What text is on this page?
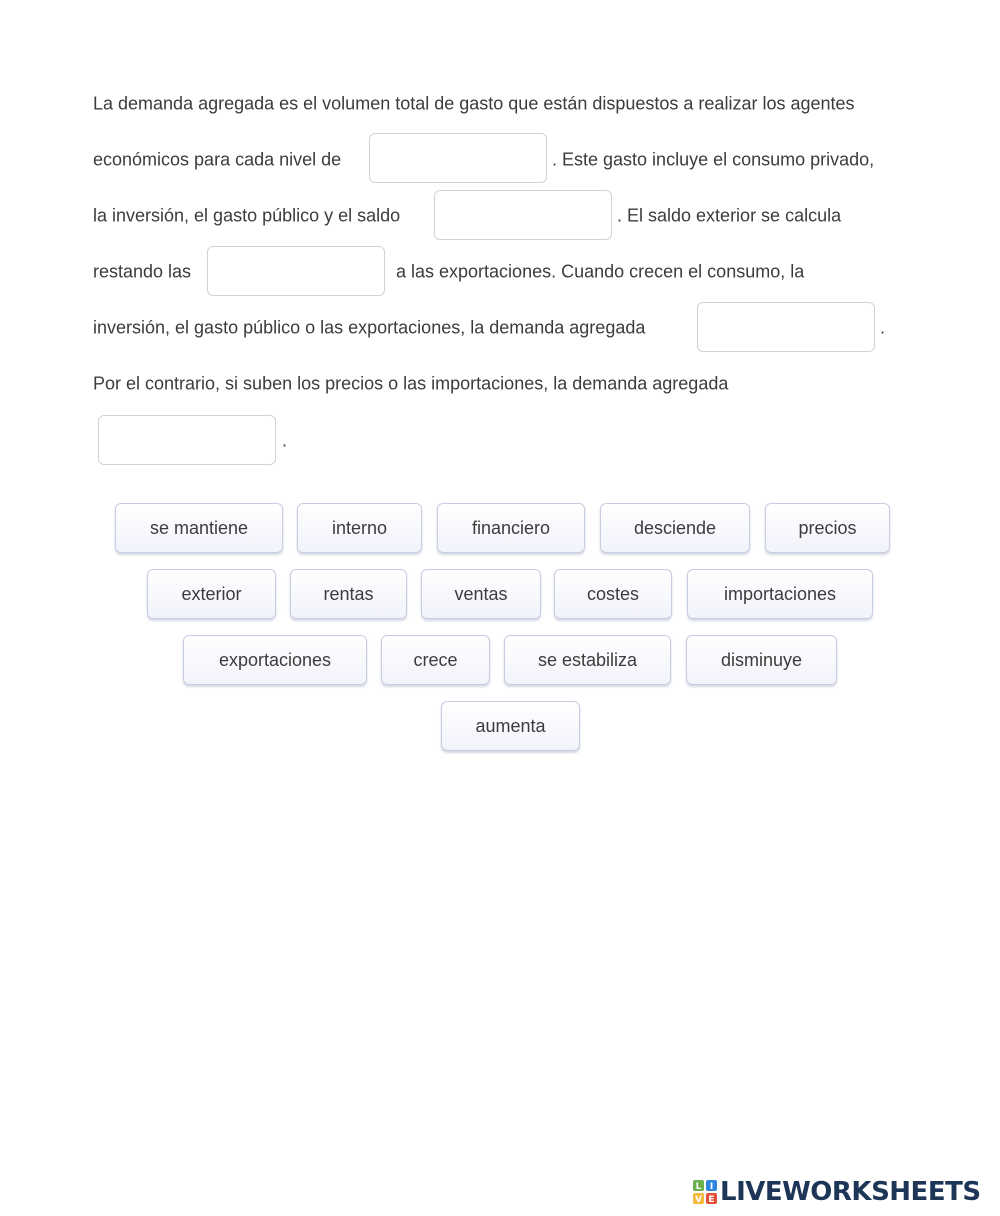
La demanda agregada es el volumen total de gasto que están dispuestos a realizar los agentes
económicos para cada nivel de	. Este gasto incluye el consumo privado,
la inversión, el gasto público y el saldo	. El saldo exterior se calcula
restando las	a las exportaciones. Cuando crecen el consumo, la
inversión, el gasto público o las exportaciones, la demanda agregada	.
Por el contrario, si suben los precios o las importaciones, la demanda agregada
.
se mantiene	interno	financiero	desciende	precios
exterior	rentas	ventas	costes	importaciones
exportaciones	crece	se estabiliza	disminuye
aumenta
L I
V E LIVEWORKSHEETS
